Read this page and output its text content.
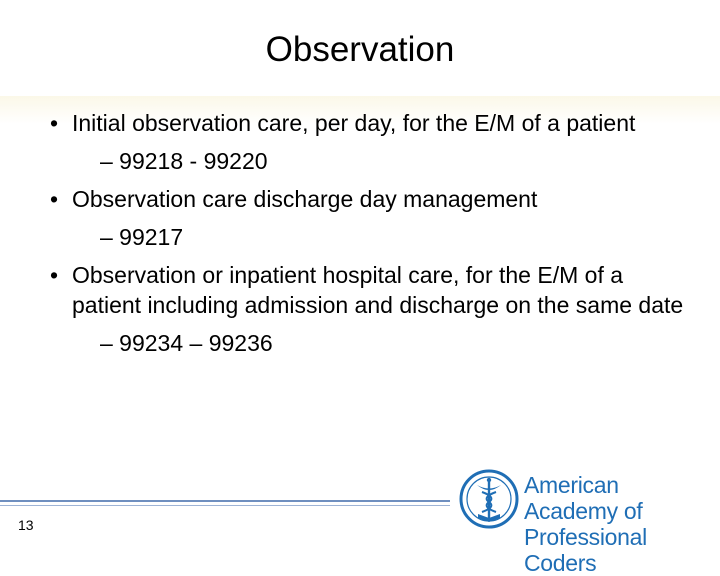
Observation
• Initial observation care, per day, for the E/M of a patient
– 99218 - 99220
• Observation care discharge day management
– 99217
• Observation or inpatient hospital care, for the E/M of a patient including admission and discharge on the same date
– 99234 – 99236
13
American Academy of
Professional Coders
